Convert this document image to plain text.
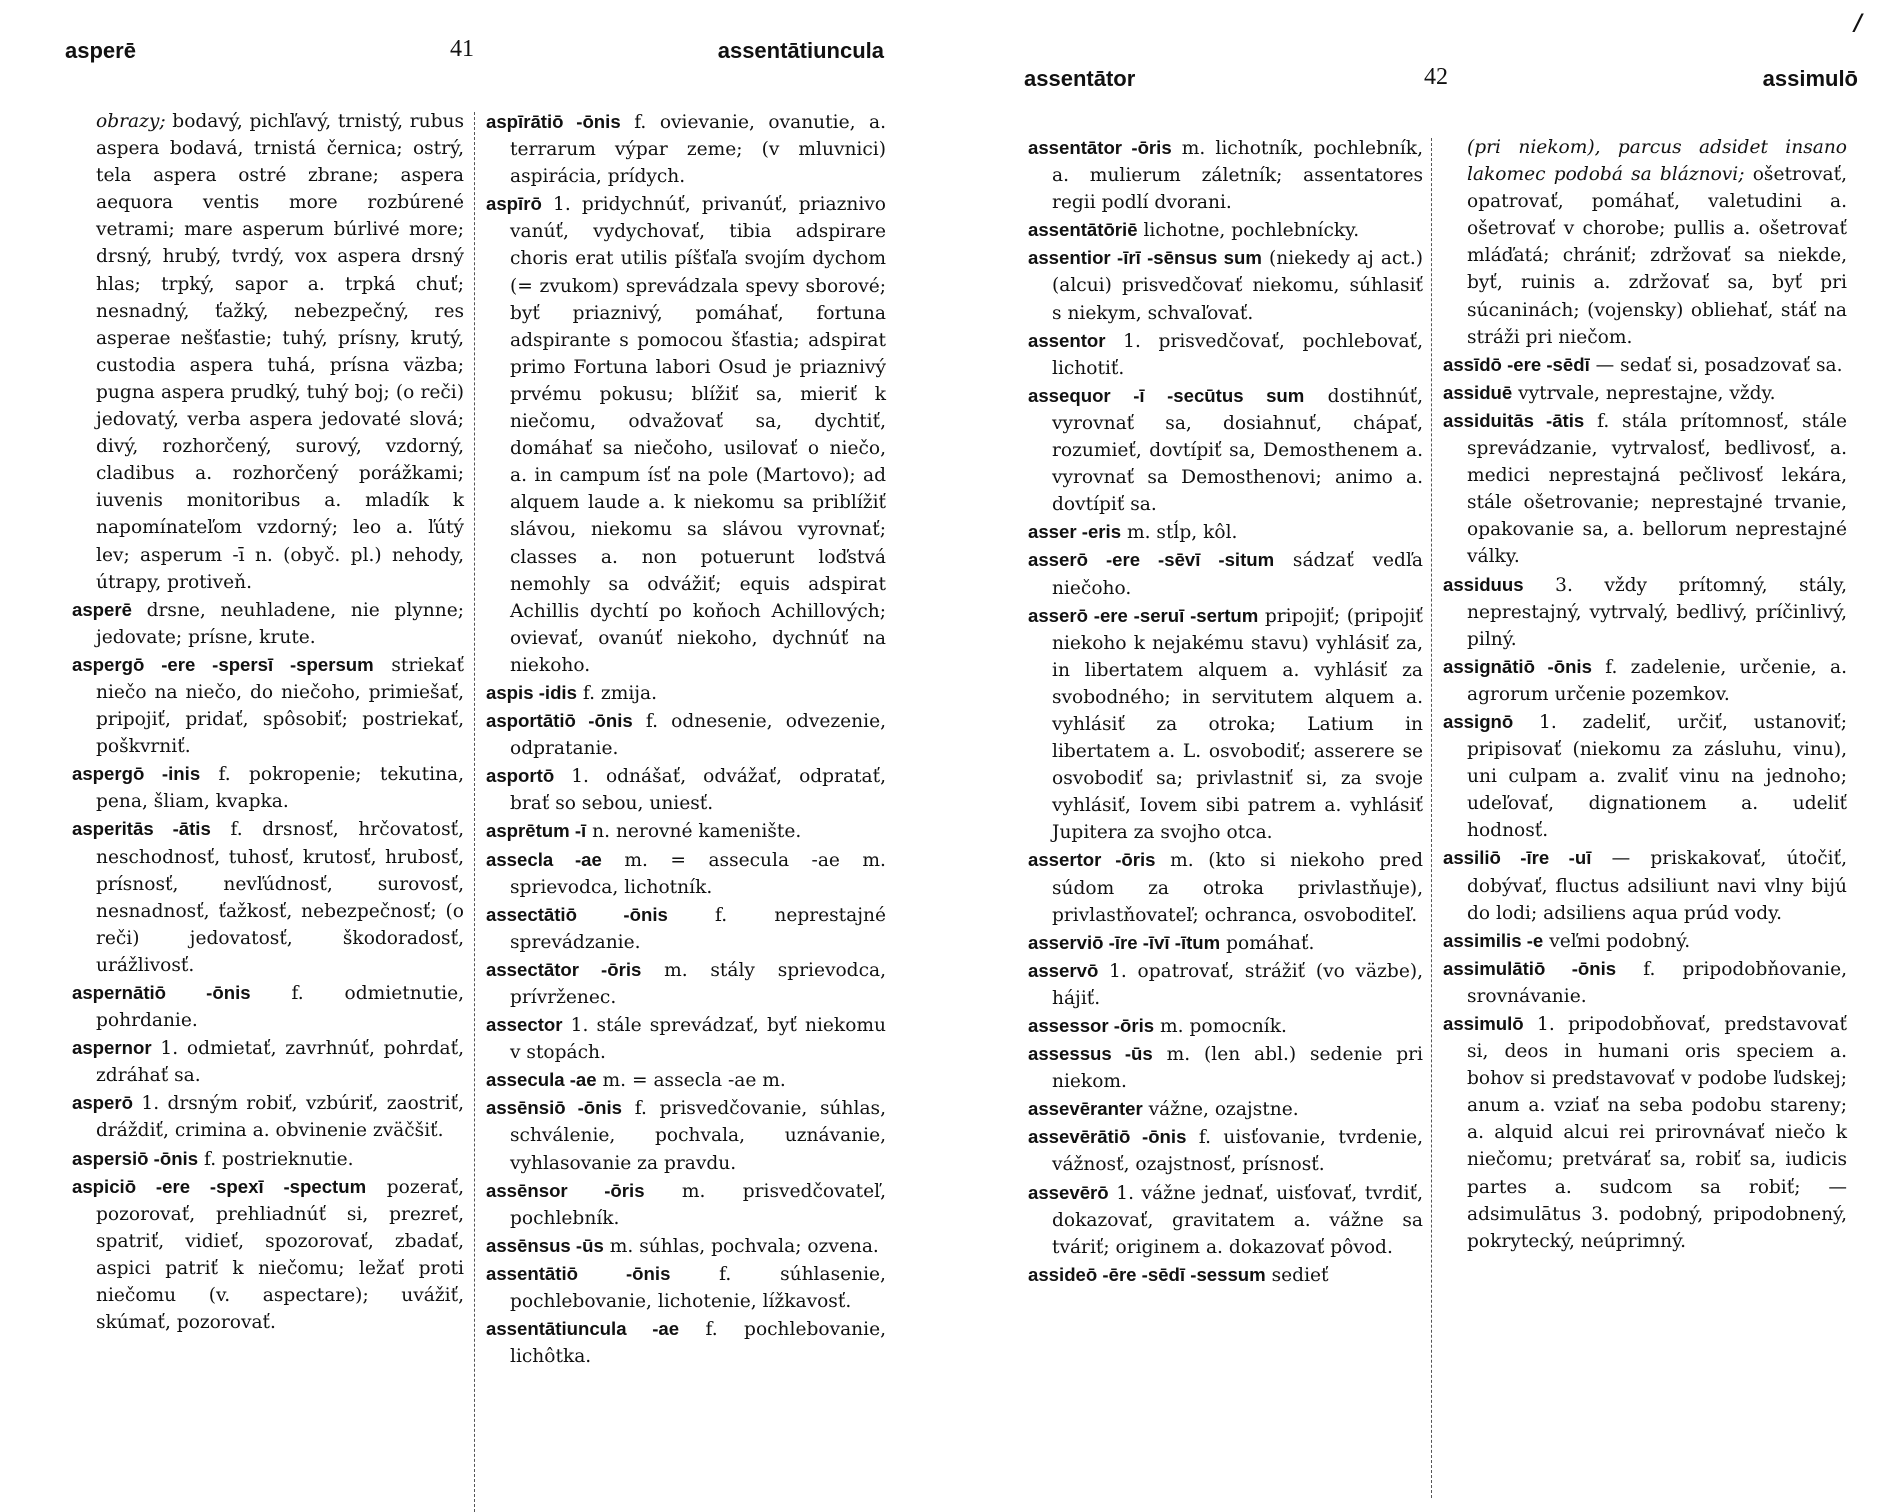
asperē	41	assentātiuncula

obrazy; bodavý, pichľavý, trnistý, rubus aspera bodavá, trnistá černica; ostrý, tela aspera ostré zbrane; aspera aequora ventis more rozbúrené vetrami; mare asperum búrlivé more; drsný, hrubý, tvrdý, vox aspera drsný hlas; trpký, sapor a. trpká chuť; nesnadný, ťažký, nebezpečný, res asperae nešťastie; tuhý, prísny, krutý, custodia aspera tuhá, prísna väzba; pugna aspera prudký, tuhý boj; (o reči) jedovatý, verba aspera jedovaté slová; divý, rozhorčený, surový, vzdorný, cladibus a. rozhorčený porážkami; iuvenis monitoribus a. mladík k napomínateľom vzdorný; leo a. ľútý lev; asperum -ī n. (obyč. pl.) nehody, útrapy, protiveň.

asperē drsne, neuhladene, nie plynne; jedovate; prísne, krute.

aspergō -ere -spersī -spersum striekať niečo na niečo, do niečoho, primiešať, pripojiť, pridať, spôsobiť; postriekať, poškvrniť.

aspergō -inis f. pokropenie; tekutina, pena, šliam, kvapka.

asperitās -ātis f. drsnosť, hrčovatosť, neschodnosť, tuhosť, krutosť, hrubosť, prísnosť, nevľúdnosť, surovosť, nesnadnosť, ťažkosť, nebezpečnosť; (o reči) jedovatosť, škodoradosť, urážlivosť.

aspernātiō -ōnis f. odmietnutie, pohrdanie.

aspernor 1. odmietať, zavrhnúť, pohrdať, zdráhať sa.

asperō 1. drsným robiť, vzbúriť, zaostriť, dráždiť, crimina a. obvinenie zväčšiť.

aspersiō -ōnis f. postrieknutie.

aspiciō -ere -spexī -spectum pozerať, pozorovať, prehliadnúť si, prezreť, spatriť, vidieť, spozorovať, zbadať, aspici patriť k niečomu; ležať proti niečomu (v. aspectare); uvážiť, skúmať, pozorovať.

aspīrātiō -ōnis f. ovievanie, ovanutie, a. terrarum výpar zeme; (v mluvnici) aspirácia, prídych.

aspīrō 1. pridychnúť, privanúť, priaznivo vanúť, vydychovať, tibia adspirare choris erat utilis píšťaľa svojím dychom (= zvukom) sprevádzala spevy sborové; byť priaznivý, pomáhať, fortuna adspirante s pomocou šťastia; adspirat primo Fortuna labori Osud je priaznivý prvému pokusu; blížiť sa, mieriť k niečomu, odvažovať sa, dychtiť, domáhať sa niečoho, usilovať o niečo, a. in campum ísť na pole (Martovo); ad alquem laude a. k niekomu sa priblížiť slávou, niekomu sa slávou vyrovnať; classes a. non potuerunt loďstvá nemohly sa odvážiť; equis adspirat Achillis dychtí po koňoch Achillových; ovievať, ovanúť niekoho, dychnúť na niekoho.

aspis -idis f. zmija.

asportātiō -ōnis f. odnesenie, odvezenie, odpratanie.

asportō 1. odnášať, odvážať, odpratať, brať so sebou, uniesť.

asprētum -ī n. nerovné kamenište.

assecla -ae m. = assecula -ae m. sprievodca, lichotník.

assectātiō -ōnis	f. neprestajné sprevádzanie.

assectātor -ōris m. stály sprievodca, prívrženec.

assector 1. stále sprevádzať, byť niekomu v stopách.

assecula -ae m. = assecla -ae m.

assēnsiō -ōnis f. prisvedčovanie, súhlas, schválenie, pochvala, uznávanie, vyhlasovanie za pravdu.

assēnsor -ōris m. prisvedčovateľ, pochlebník.

assēnsus -ūs m. súhlas, pochvala; ozvena.

assentātiō -ōnis	f. súhlasenie, pochlebovanie, lichotenie, lížkavosť.

assentātiuncula -ae f. pochlebovanie, lichôtka.

/
assentātor	42	assimulō

assentātor -ōris m. lichotník, pochlebník, a. mulierum záletník; assentatores regii podlí dvorani.

assentātōriē lichotne, pochlebnícky.

assentior -īrī -sēnsus sum (niekedy aj act.) (alcui) prisvedčovať niekomu, súhlasiť s niekym, schvaľovať.

assentor 1. prisvedčovať, pochlebovať, lichotiť.

assequor -ī -secūtus sum dostihnúť, vyrovnať sa, dosiahnuť, chápať, rozumieť, dovtípiť sa, Demosthenem a. vyrovnať sa Demosthenovi; animo a. dovtípiť sa.

asser -eris m. stĺp, kôl.

asserō -ere -sēvī -situm sádzať vedľa niečoho.

asserō -ere -seruī -sertum pripojiť; (pripojiť niekoho k nejakému stavu) vyhlásiť za, in libertatem alquem a. vyhlásiť za svobodného; in servitutem alquem a. vyhlásiť za otroka; Latium in libertatem a. L. osvobodiť; asserere se osvobodiť sa; privlastniť si, za svoje vyhlásiť, Iovem sibi patrem a. vyhlásiť Jupitera za svojho otca.

assertor -ōris m. (kto si niekoho pred súdom za otroka privlastňuje), privlastňovateľ; ochranca, osvoboditeľ.

asserviō -īre -īvī -ītum pomáhať.

asservō 1. opatrovať, strážiť (vo väzbe), hájiť.

assessor -ōris m. pomocník.

assessus -ūs m. (len abl.) sedenie pri niekom.

assevēranter vážne, ozajstne.

assevērātiō -ōnis f. uisťovanie, tvrdenie, vážnosť, ozajstnosť, prísnosť.

assevērō 1. vážne jednať, uisťovať, tvrdiť, dokazovať, gravitatem a. vážne sa tváriť; originem a. dokazovať pôvod.

assideō -ēre -sēdī -sessum sedieť

(pri niekom), parcus adsidet insano lakomec podobá sa bláznovi; ošetrovať, opatrovať, pomáhať, valetudini a. ošetrovať v chorobe; pullis a. ošetrovať mláďatá; chrániť; zdržovať sa niekde, byť, ruinis a. zdržovať sa, byť pri súcaninách; (vojensky) obliehať, stáť na stráži pri niečom.

assīdō -ere -sēdī — sedať si, posadzovať sa.

assiduē vytrvale, neprestajne, vždy.

assiduitās -ātis f. stála prítomnosť, stále sprevádzanie, vytrvalosť, bedlivosť, a. medici neprestajná pečlivosť lekára, stále ošetrovanie; neprestajné trvanie, opakovanie sa, a. bellorum neprestajné války.

assiduus 3. vždy prítomný, stály, neprestajný, vytrvalý, bedlivý, príčinlivý, pilný.

assignātiō -ōnis f. zadelenie, určenie, a. agrorum určenie pozemkov.

assignō 1. zadeliť, určiť, ustanoviť; pripisovať (niekomu za zásluhu, vinu), uni culpam a. zvaliť vinu na jednoho; udeľovať, dignationem a. udeliť hodnosť.

assiliō -īre -uī — priskakovať, útočiť, dobývať, fluctus adsiliunt navi vlny bijú do lodi; adsiliens aqua prúd vody.

assimilis -e veľmi podobný.

assimulātiō -ōnis f. pripodobňovanie, srovnávanie.

assimulō 1. pripodobňovať, predstavovať si, deos in humani oris speciem a. bohov si predstavovať v podobe ľudskej; anum a. vziať na seba podobu stareny; a. alquid alcui rei prirovnávať niečo k niečomu; pretvárať sa, robiť sa, iudicis partes a. sudcom sa robiť; — adsimulātus 3. podobný, pripodobnený, pokrytecký, neúprimný.
